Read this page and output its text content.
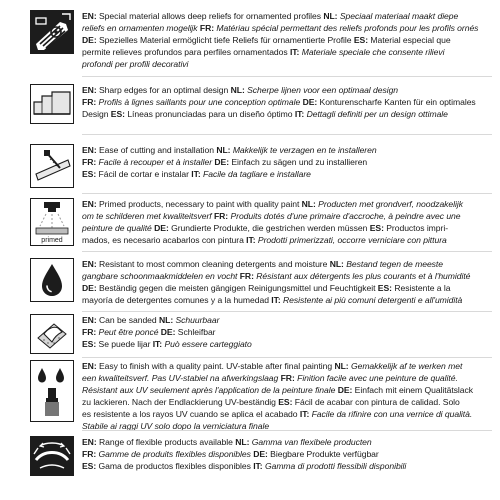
EN: Special material allows deep reliefs for ornamented profiles NL: Speciaal materiaal maakt diepe

reliefs en ornamenten mogelijk FR: Matériau spécial permettant des reliefs profonds pour les profils ornés

DE: Spezielles Material ermöglicht tiefe Reliefs für ornamentierte Profile ES: Material especial que

permite relieves profundos para perfiles ornamentados IT: Materiale speciale che consente rilievi

profondi per profili decorativi

EN: Sharp edges for an optimal design NL: Scherpe lijnen voor een optimaal design

FR: Profils à lignes saillants pour une conception optimale DE: Konturenscharfe Kanten für ein optimales

Design ES: Líneas pronunciadas para un diseño óptimo IT: Dettagli definiti per un design ottimale

EN: Ease of cutting and installation NL: Makkelijk te verzagen en te installeren

FR: Facile à recouper et à installer DE: Einfach zu sägen und zu installieren

ES: Fácil de cortar e instalar IT: Facile da tagliare e installare

primed

EN: Primed products, necessary to paint with quality paint NL: Producten met grondverf, noodzakelijk

om te schilderen met kwaliteitsverf FR: Produits dotés d'une primaire d'accroche, à peindre avec une

peinture de qualité DE: Grundierte Produkte, die gestrichen werden müssen ES: Productos impri-

mados, es necesario acabarlos con pintura IT: Prodotti primerizzati, occorre verniciare con pittura

EN: Resistant to most common cleaning detergents and moisture NL: Bestand tegen de meeste

gangbare schoonmaakmiddelen en vocht FR: Résistant aux détergents les plus courants et à l'humidité

DE: Beständig gegen die meisten gängigen Reinigungsmittel und Feuchtigkeit ES: Resistente a la

mayoría de detergentes comunes y a la humedad IT: Resistente ai più comuni detergenti e all'umidità

EN: Can be sanded NL: Schuurbaar

FR: Peut être poncé DE: Schleifbar

ES: Se puede lijar IT: Può essere carteggiato

EN: Easy to finish with a quality paint. UV-stable after final painting NL: Gemakkelijk af te werken met

een kwaliteitsverf. Pas UV-stabiel na afwerkingslaag FR: Finition facile avec une peinture de qualité.

Résistant aux UV seulement après l'application de la peinture finale DE: Einfach mit einem Qualitätslack

zu lackieren. Nach der Endlackierung UV-beständig ES: Fácil de acabar con pintura de calidad. Solo

es resistente a los rayos UV cuando se aplica el acabado IT: Facile da rifinire con una vernice di qualità.

Stabile ai raggi UV solo dopo la verniciatura finale

EN: Range of flexible products available NL: Gamma van flexibele producten

FR: Gamme de produits flexibles disponibles DE: Biegbare Produkte verfügbar

ES: Gama de productos flexibles disponibles IT: Gamma di prodotti flessibili disponibili
